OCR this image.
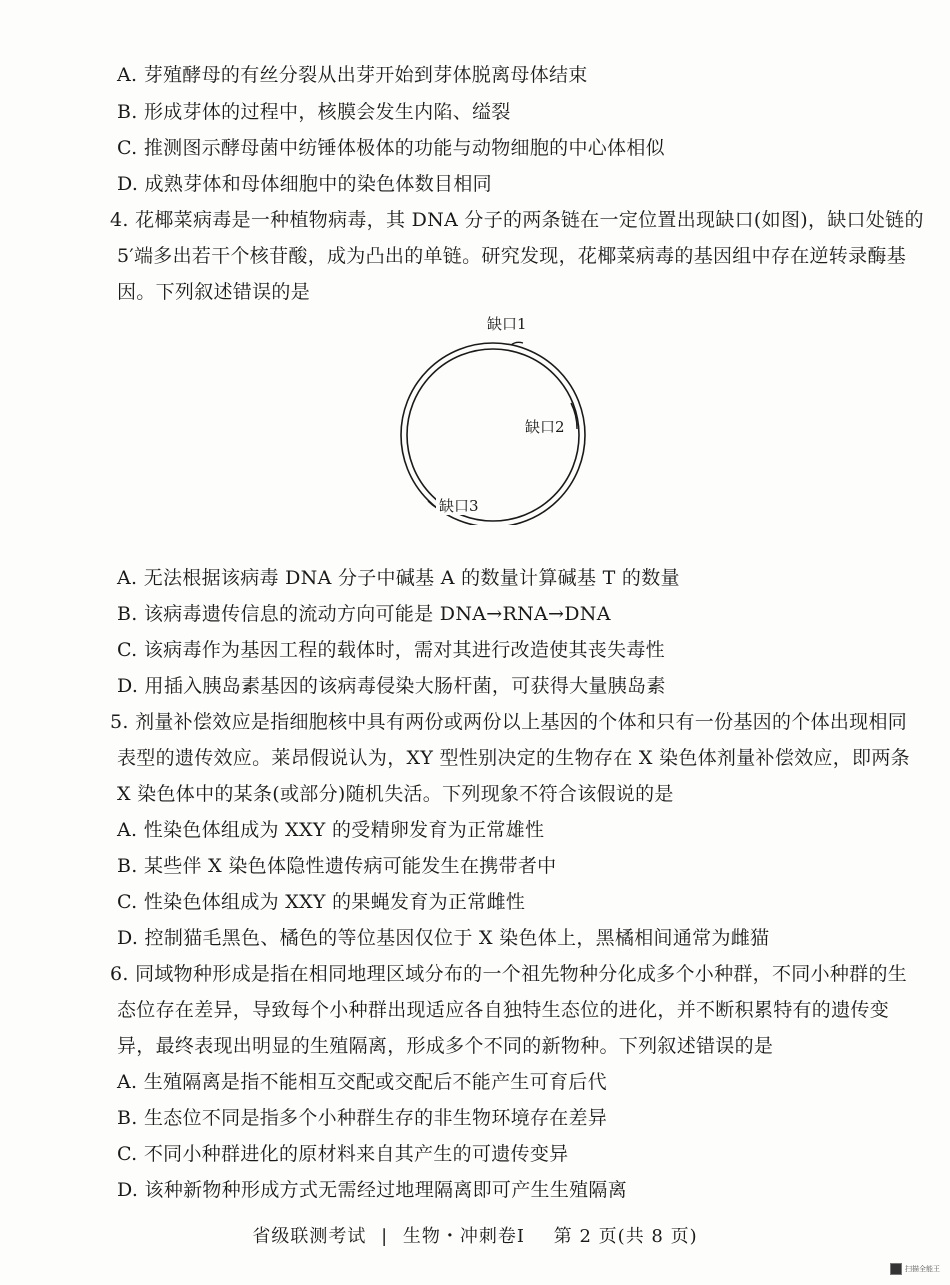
A. 芽殖酵母的有丝分裂从出芽开始到芽体脱离母体结束
B. 形成芽体的过程中，核膜会发生内陷、缢裂
C. 推测图示酵母菌中纺锤体极体的功能与动物细胞的中心体相似
D. 成熟芽体和母体细胞中的染色体数目相同
4. 花椰菜病毒是一种植物病毒，其 DNA 分子的两条链在一定位置出现缺口(如图)，缺口处链的
5′端多出若干个核苷酸，成为凸出的单链。研究发现，花椰菜病毒的基因组中存在逆转录酶基
因。下列叙述错误的是
缺口1
缺口2
缺口3
A. 无法根据该病毒 DNA 分子中碱基 A 的数量计算碱基 T 的数量
B. 该病毒遗传信息的流动方向可能是 DNA→RNA→DNA
C. 该病毒作为基因工程的载体时，需对其进行改造使其丧失毒性
D. 用插入胰岛素基因的该病毒侵染大肠杆菌，可获得大量胰岛素
5. 剂量补偿效应是指细胞核中具有两份或两份以上基因的个体和只有一份基因的个体出现相同
表型的遗传效应。莱昂假说认为，XY 型性别决定的生物存在 X 染色体剂量补偿效应，即两条
X 染色体中的某条(或部分)随机失活。下列现象不符合该假说的是
A. 性染色体组成为 XXY 的受精卵发育为正常雄性
B. 某些伴 X 染色体隐性遗传病可能发生在携带者中
C. 性染色体组成为 XXY 的果蝇发育为正常雌性
D. 控制猫毛黑色、橘色的等位基因仅位于 X 染色体上，黑橘相间通常为雌猫
6. 同域物种形成是指在相同地理区域分布的一个祖先物种分化成多个小种群，不同小种群的生
态位存在差异，导致每个小种群出现适应各自独特生态位的进化，并不断积累特有的遗传变
异，最终表现出明显的生殖隔离，形成多个不同的新物种。下列叙述错误的是
A. 生殖隔离是指不能相互交配或交配后不能产生可育后代
B. 生态位不同是指多个小种群生存的非生物环境存在差异
C. 不同小种群进化的原材料来自其产生的可遗传变异
D. 该种新物种形成方式无需经过地理隔离即可产生生殖隔离
省级联测考试 | 生物・冲刺卷Ⅰ 第 2 页(共 8 页)
扫描全能王
